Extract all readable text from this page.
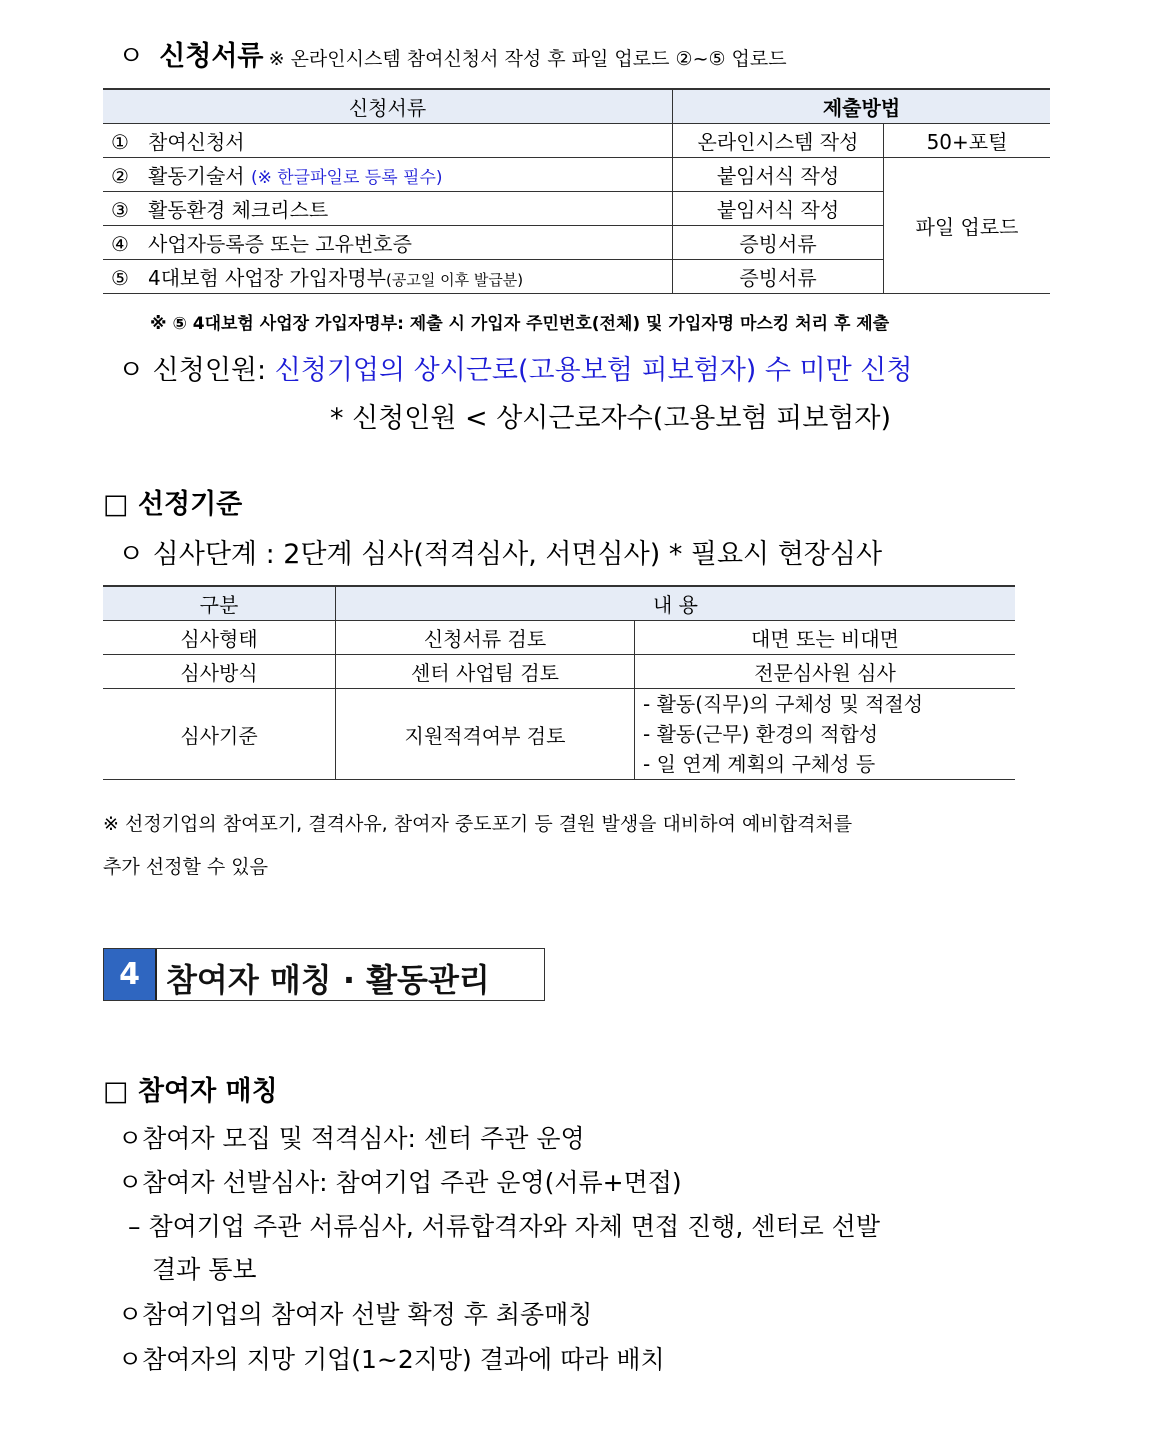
ㅇ 신청서류 ※ 온라인시스템 참여신청서 작성 후 파일 업로드 ②~⑤ 업로드
신청서류	제출방법	
① 참여신청서	온라인시스템 작성	50+포털
② 활동기술서 (※ 한글파일로 등록 필수)	붙임서식 작성	파일 업로드
③ 활동환경 체크리스트	붙임서식 작성	
④ 사업자등록증 또는 고유번호증	증빙서류	
⑤ 4대보험 사업장 가입자명부(공고일 이후 발급분)	증빙서류	
※ ⑤ 4대보험 사업장 가입자명부: 제출 시 가입자 주민번호(전체) 및 가입자명 마스킹 처리 후 제출
ㅇ 신청인원: 신청기업의 상시근로(고용보험 피보험자) 수 미만 신청
* 신청인원 < 상시근로자수(고용보험 피보험자)
□ 선정기준
ㅇ 심사단계 : 2단계 심사(적격심사, 서면심사) * 필요시 현장심사
구분	내 용	
심사형태	신청서류 검토	대면 또는 비대면
심사방식	센터 사업팀 검토	전문심사원 심사
심사기준	지원적격여부 검토	- 활동(직무)의 구체성 및 적절성
- 활동(근무) 환경의 적합성
- 일 연계 계획의 구체성 등
※ 선정기업의 참여포기, 결격사유, 참여자 중도포기 등 결원 발생을 대비하여 예비합격처를
추가 선정할 수 있음
4 참여자 매칭 · 활동관리
□ 참여자 매칭
ㅇ참여자 모집 및 적격심사: 센터 주관 운영
ㅇ참여자 선발심사: 참여기업 주관 운영(서류+면접)
– 참여기업 주관 서류심사, 서류합격자와 자체 면접 진행, 센터로 선발
결과 통보
ㅇ참여기업의 참여자 선발 확정 후 최종매칭
ㅇ참여자의 지망 기업(1~2지망) 결과에 따라 배치
